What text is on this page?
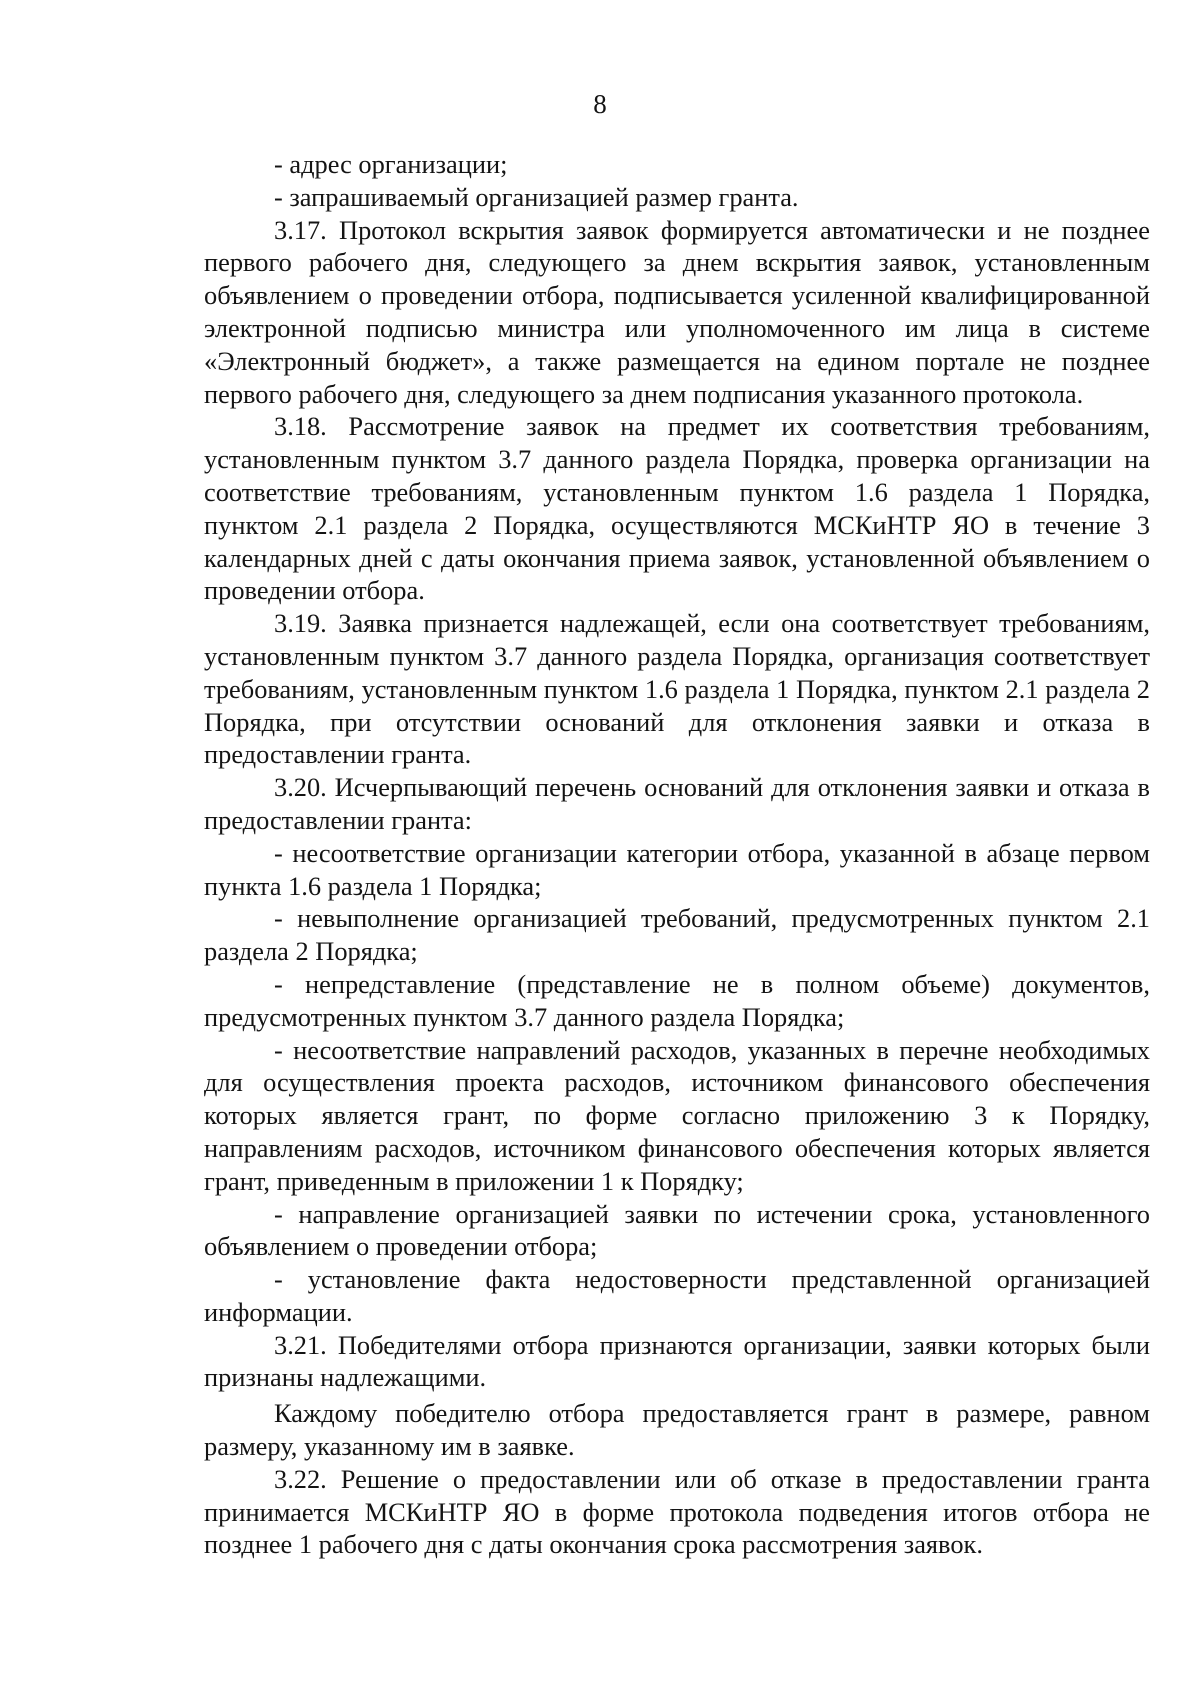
8

- адрес организации;

- запрашиваемый организацией размер гранта.

3.17. Протокол вскрытия заявок формируется автоматически и не позднее первого рабочего дня, следующего за днем вскрытия заявок, установленным объявлением о проведении отбора, подписывается усиленной квалифицированной электронной подписью министра или уполномоченного им лица в системе «Электронный бюджет», а также размещается на едином портале не позднее первого рабочего дня, следующего за днем подписания указанного протокола.

3.18. Рассмотрение заявок на предмет их соответствия требованиям, установленным пунктом 3.7 данного раздела Порядка, проверка организации на соответствие требованиям, установленным пунктом 1.6 раздела 1 Порядка, пунктом 2.1 раздела 2 Порядка, осуществляются МСКиНТР ЯО в течение 3 календарных дней с даты окончания приема заявок, установленной объявлением о проведении отбора.

3.19. Заявка признается надлежащей, если она соответствует требованиям, установленным пунктом 3.7 данного раздела Порядка, организация соответствует требованиям, установленным пунктом 1.6 раздела 1 Порядка, пунктом 2.1 раздела 2 Порядка, при отсутствии оснований для отклонения заявки и отказа в предоставлении гранта.

3.20. Исчерпывающий перечень оснований для отклонения заявки и отказа в предоставлении гранта:

- несоответствие организации категории отбора, указанной в абзаце первом пункта 1.6 раздела 1 Порядка;

- невыполнение организацией требований, предусмотренных пунктом 2.1 раздела 2 Порядка;

- непредставление (представление не в полном объеме) документов, предусмотренных пунктом 3.7 данного раздела Порядка;

- несоответствие направлений расходов, указанных в перечне необходимых для осуществления проекта расходов, источником финансового обеспечения которых является грант, по форме согласно приложению 3 к Порядку, направлениям расходов, источником финансового обеспечения которых является грант, приведенным в приложении 1 к Порядку;

- направление организацией заявки по истечении срока, установленного объявлением о проведении отбора;

- установление факта недостоверности представленной организацией информации.

3.21. Победителями отбора признаются организации, заявки которых были признаны надлежащими.

Каждому победителю отбора предоставляется грант в размере, равном размеру, указанному им в заявке.

3.22. Решение о предоставлении или об отказе в предоставлении гранта принимается МСКиНТР ЯО в форме протокола подведения итогов отбора не позднее 1 рабочего дня с даты окончания срока рассмотрения заявок.
